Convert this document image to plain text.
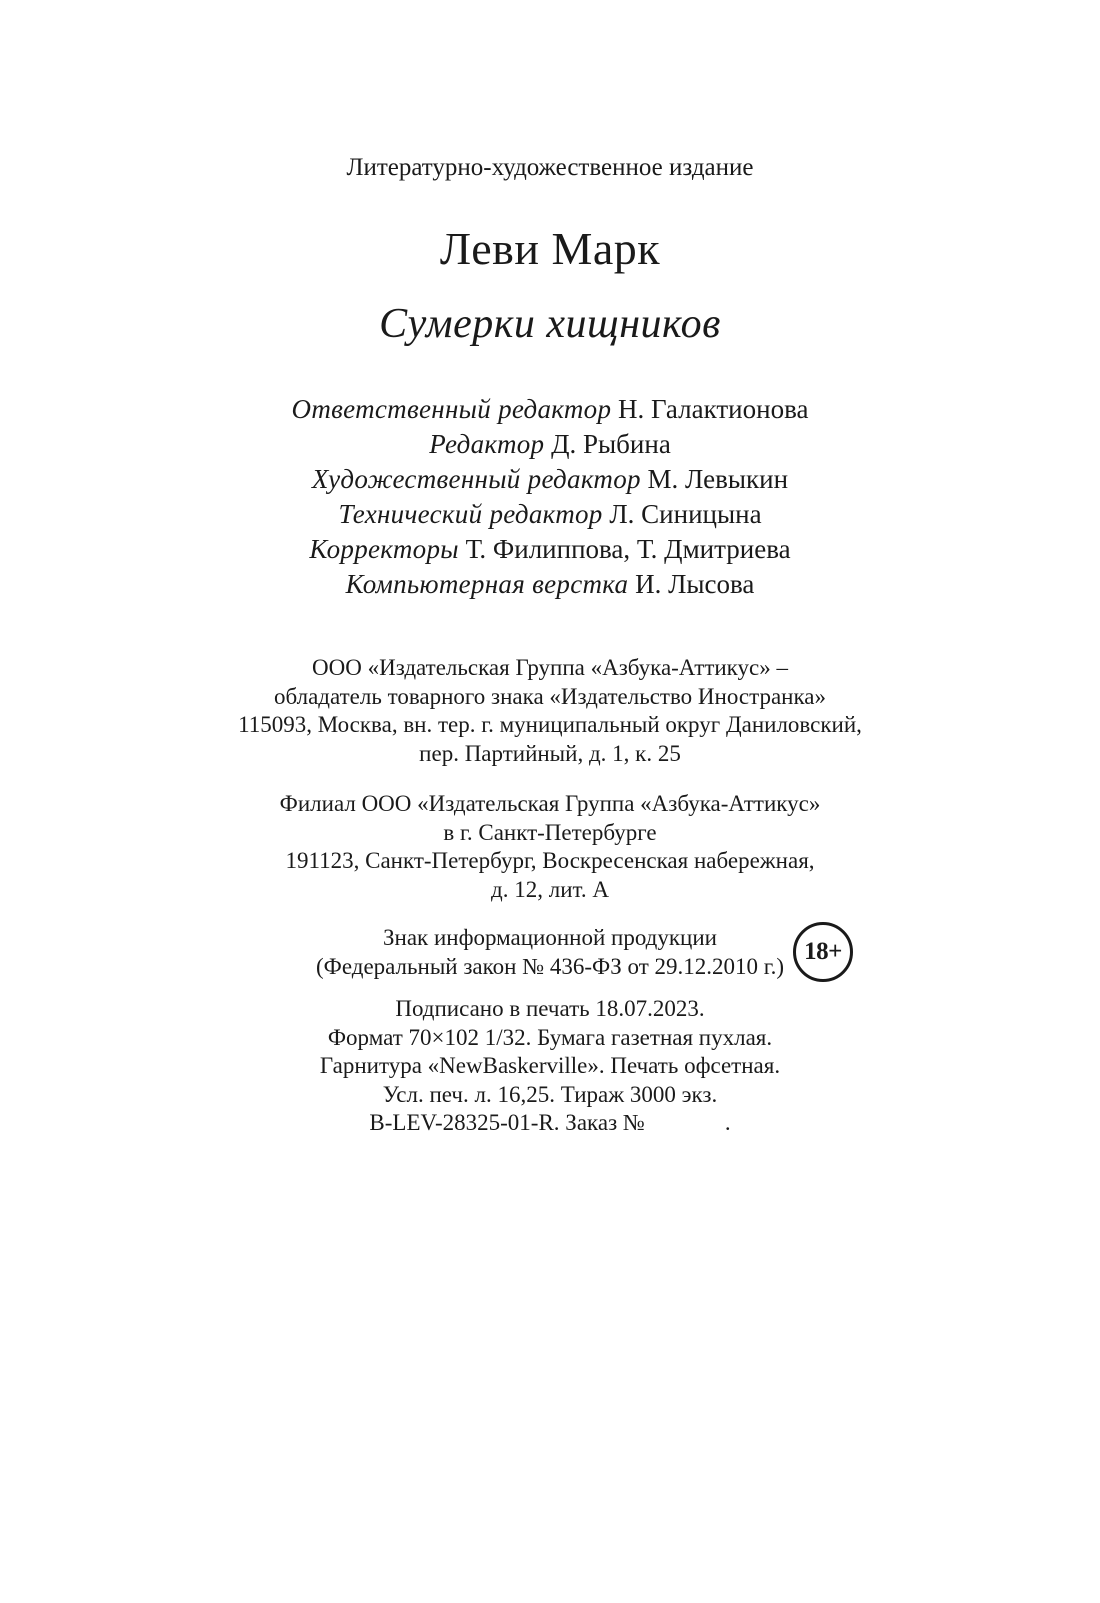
Литературно-художественное издание
Леви Марк
Сумерки хищников
Ответственный редактор Н. Галактионова
Редактор Д. Рыбина
Художественный редактор М. Левыкин
Технический редактор Л. Синицына
Корректоры Т. Филиппова, Т. Дмитриева
Компьютерная верстка И. Лысова
ООО «Издательская Группа «Азбука-Аттикус» –
обладатель товарного знака «Издательство Иностранка»
115093, Москва, вн. тер. г. муниципальный округ Даниловский,
пер. Партийный, д. 1, к. 25
Филиал ООО «Издательская Группа «Азбука-Аттикус»
в г. Санкт-Петербурге
191123, Санкт-Петербург, Воскресенская набережная,
д. 12, лит. А
Знак информационной продукции
(Федеральный закон № 436-ФЗ от 29.12.2010 г.)
18+
Подписано в печать 18.07.2023.
Формат 70×102 1/32. Бумага газетная пухлая.
Гарнитура «NewBaskerville». Печать офсетная.
Усл. печ. л. 16,25. Тираж 3000 экз.
B-LEV-28325-01-R. Заказ №	.
